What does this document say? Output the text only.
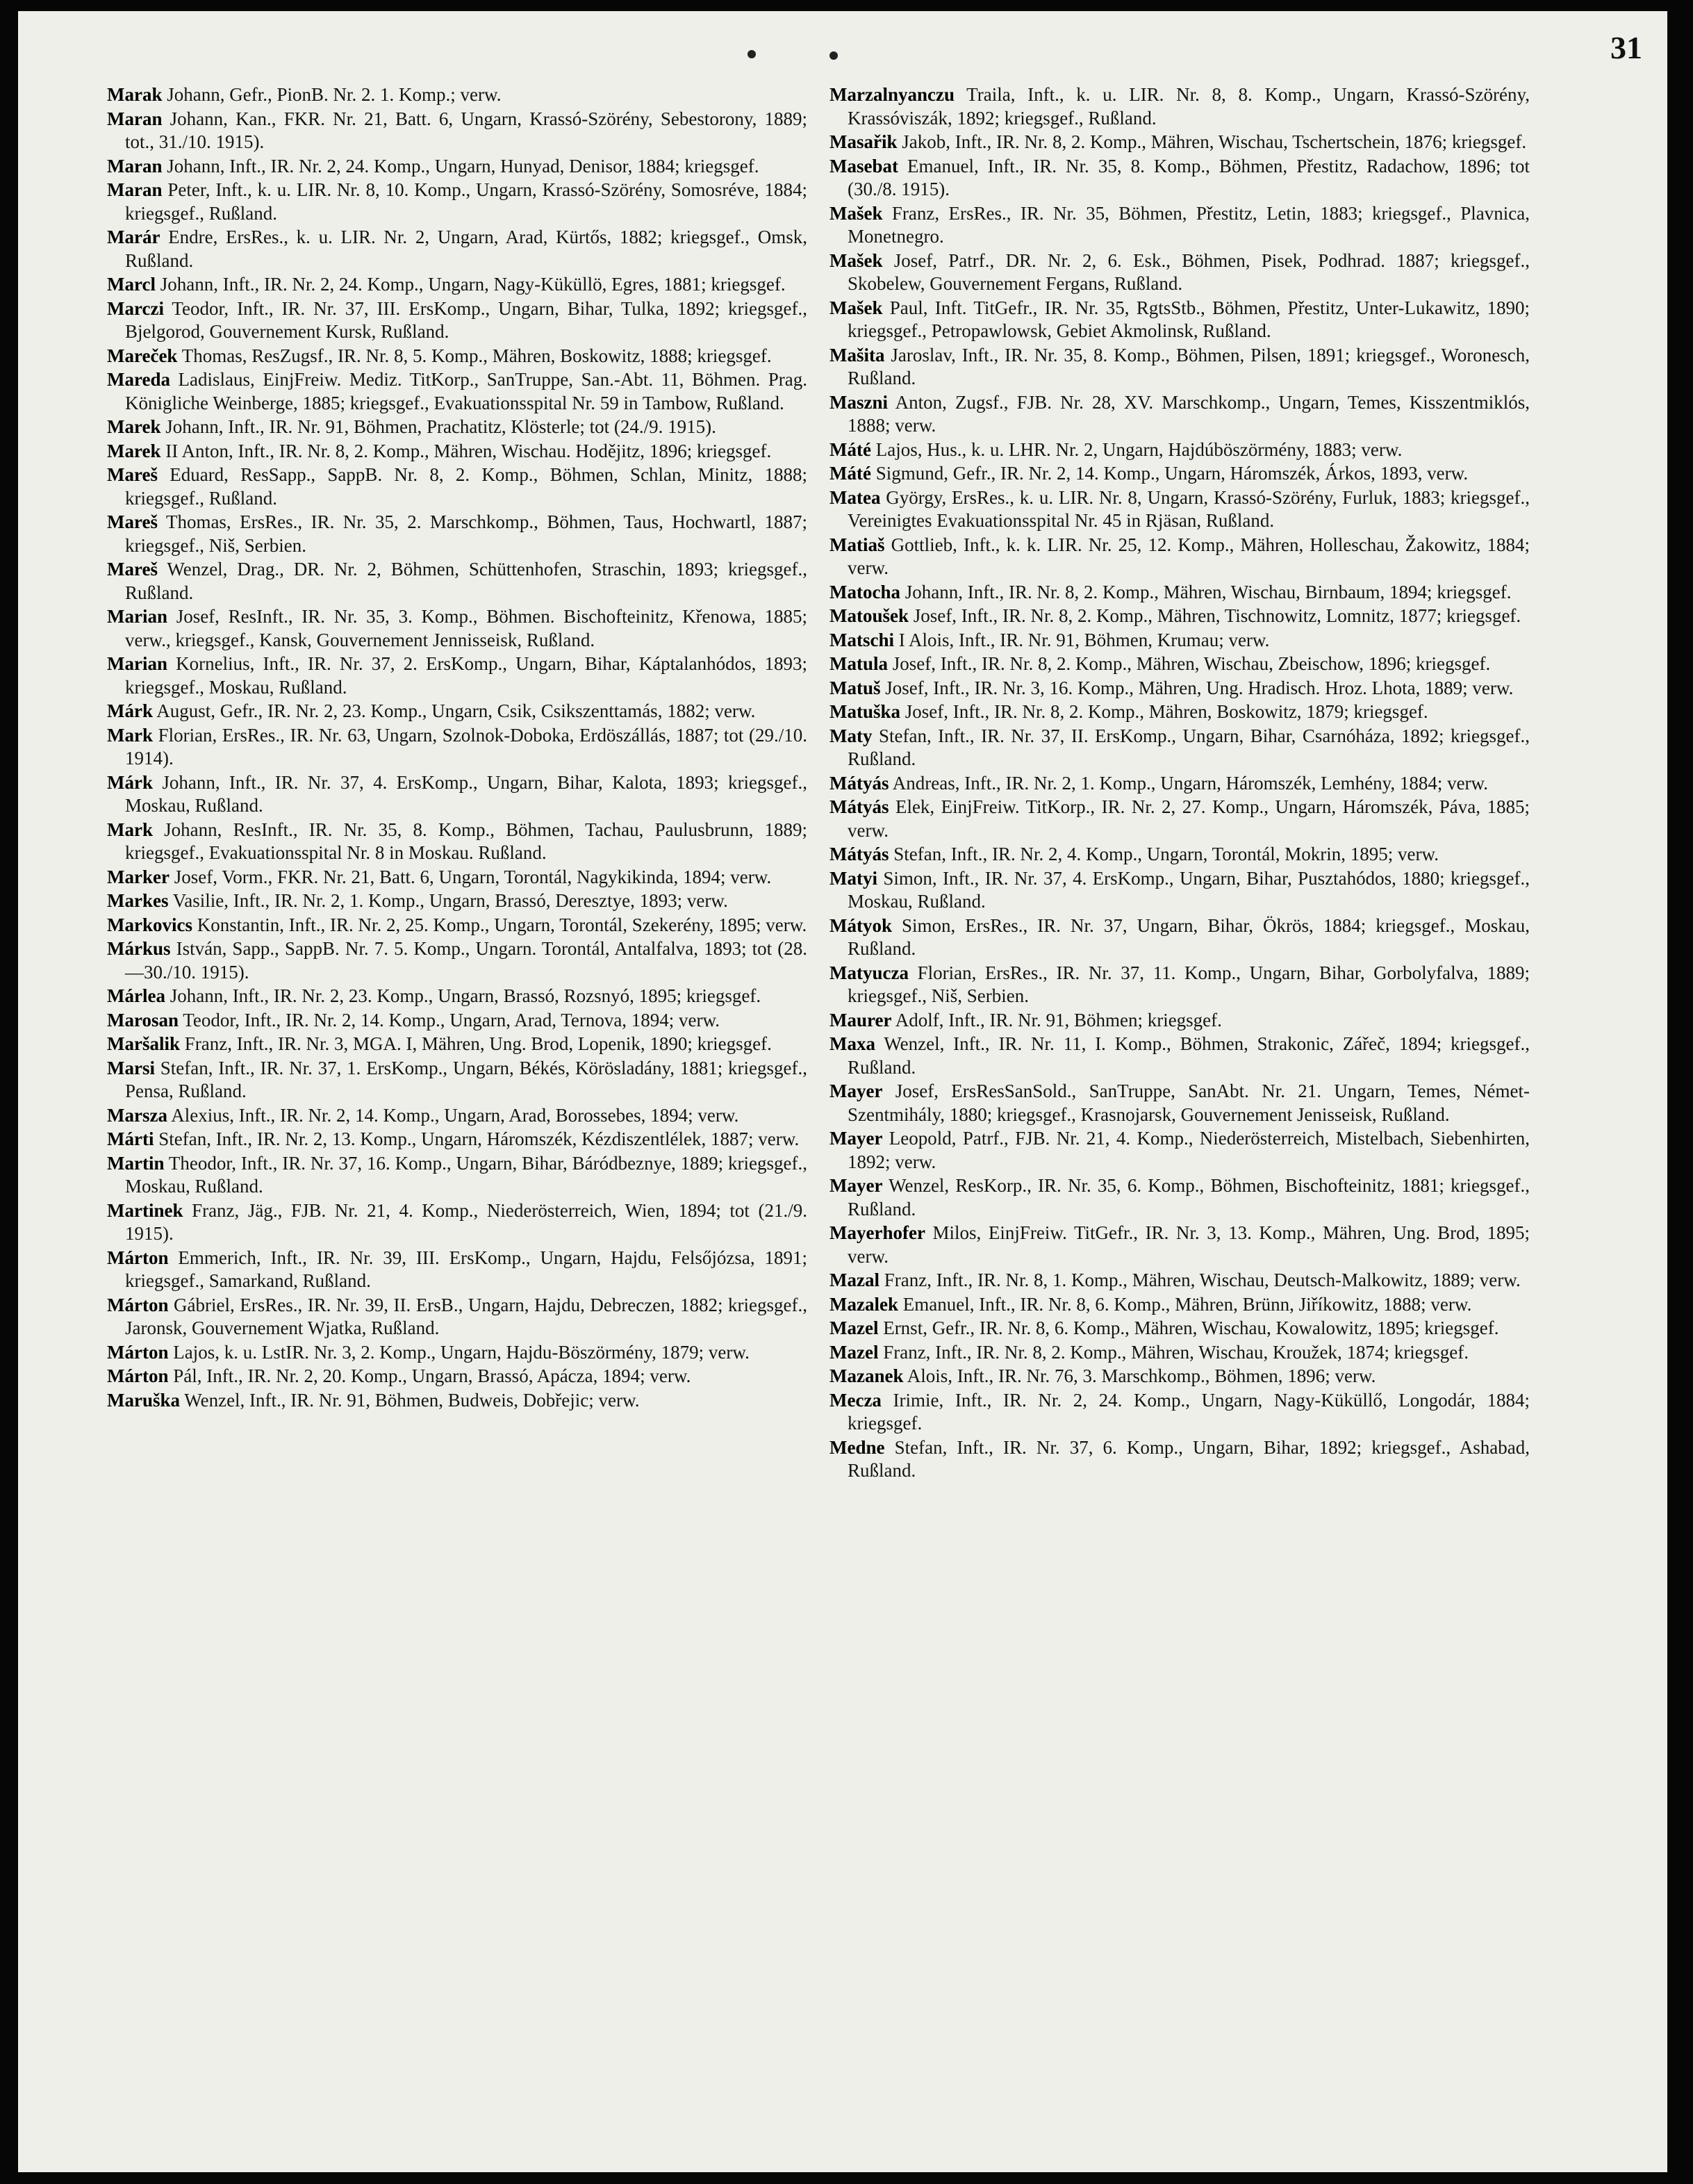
31

Marak Johann, Gefr., PionB. Nr. 2. 1. Komp.; verw.

Maran Johann, Kan., FKR. Nr. 21, Batt. 6, Ungarn, Krassó-Szörény, Sebestorony, 1889; tot., 31./10. 1915).

Maran Johann, Inft., IR. Nr. 2, 24. Komp., Ungarn, Hunyad, Denisor, 1884; kriegsgef.

Maran Peter, Inft., k. u. LIR. Nr. 8, 10. Komp., Ungarn, Krassó-Szörény, Somosréve, 1884; kriegsgef., Rußland.

Marár Endre, ErsRes., k. u. LIR. Nr. 2, Ungarn, Arad, Kürtős, 1882; kriegsgef., Omsk, Rußland.

Marcl Johann, Inft., IR. Nr. 2, 24. Komp., Ungarn, Nagy-Küküllö, Egres, 1881; kriegsgef.

Marczi Teodor, Inft., IR. Nr. 37, III. ErsKomp., Ungarn, Bihar, Tulka, 1892; kriegsgef., Bjelgorod, Gouvernement Kursk, Rußland.

Mareček Thomas, ResZugsf., IR. Nr. 8, 5. Komp., Mähren, Boskowitz, 1888; kriegsgef.

Mareda Ladislaus, EinjFreiw. Mediz. TitKorp., SanTruppe, San.-Abt. 11, Böhmen. Prag. Königliche Weinberge, 1885; kriegsgef., Evakuationsspital Nr. 59 in Tambow, Rußland.

Marek Johann, Inft., IR. Nr. 91, Böhmen, Prachatitz, Klösterle; tot (24./9. 1915).

Marek II Anton, Inft., IR. Nr. 8, 2. Komp., Mähren, Wischau. Hodějitz, 1896; kriegsgef.

Mareš Eduard, ResSapp., SappB. Nr. 8, 2. Komp., Böhmen, Schlan, Minitz, 1888; kriegsgef., Rußland.

Mareš Thomas, ErsRes., IR. Nr. 35, 2. Marschkomp., Böhmen, Taus, Hochwartl, 1887; kriegsgef., Niš, Serbien.

Mareš Wenzel, Drag., DR. Nr. 2, Böhmen, Schüttenhofen, Straschin, 1893; kriegsgef., Rußland.

Marian Josef, ResInft., IR. Nr. 35, 3. Komp., Böhmen. Bischofteinitz, Křenowa, 1885; verw., kriegsgef., Kansk, Gouvernement Jennisseisk, Rußland.

Marian Kornelius, Inft., IR. Nr. 37, 2. ErsKomp., Ungarn, Bihar, Káptalanhódos, 1893; kriegsgef., Moskau, Rußland.

Márk August, Gefr., IR. Nr. 2, 23. Komp., Ungarn, Csik, Csikszenttamás, 1882; verw.

Mark Florian, ErsRes., IR. Nr. 63, Ungarn, Szolnok-Doboka, Erdöszállás, 1887; tot (29./10. 1914).

Márk Johann, Inft., IR. Nr. 37, 4. ErsKomp., Ungarn, Bihar, Kalota, 1893; kriegsgef., Moskau, Rußland.

Mark Johann, ResInft., IR. Nr. 35, 8. Komp., Böhmen, Tachau, Paulusbrunn, 1889; kriegsgef., Evakuationsspital Nr. 8 in Moskau. Rußland.

Marker Josef, Vorm., FKR. Nr. 21, Batt. 6, Ungarn, Torontál, Nagykikinda, 1894; verw.

Markes Vasilie, Inft., IR. Nr. 2, 1. Komp., Ungarn, Brassó, Deresztye, 1893; verw.

Markovics Konstantin, Inft., IR. Nr. 2, 25. Komp., Ungarn, Torontál, Szekerény, 1895; verw.

Márkus István, Sapp., SappB. Nr. 7. 5. Komp., Ungarn. Torontál, Antalfalva, 1893; tot (28.—30./10. 1915).

Márlea Johann, Inft., IR. Nr. 2, 23. Komp., Ungarn, Brassó, Rozsnyó, 1895; kriegsgef.

Marosan Teodor, Inft., IR. Nr. 2, 14. Komp., Ungarn, Arad, Ternova, 1894; verw.

Maršalik Franz, Inft., IR. Nr. 3, MGA. I, Mähren, Ung. Brod, Lopenik, 1890; kriegsgef.

Marsi Stefan, Inft., IR. Nr. 37, 1. ErsKomp., Ungarn, Békés, Körösladány, 1881; kriegsgef., Pensa, Rußland.

Marsza Alexius, Inft., IR. Nr. 2, 14. Komp., Ungarn, Arad, Borossebes, 1894; verw.

Márti Stefan, Inft., IR. Nr. 2, 13. Komp., Ungarn, Háromszék, Kézdiszentlélek, 1887; verw.

Martin Theodor, Inft., IR. Nr. 37, 16. Komp., Ungarn, Bihar, Báródbeznye, 1889; kriegsgef., Moskau, Rußland.

Martinek Franz, Jäg., FJB. Nr. 21, 4. Komp., Niederösterreich, Wien, 1894; tot (21./9. 1915).

Márton Emmerich, Inft., IR. Nr. 39, III. ErsKomp., Ungarn, Hajdu, Felsőjózsa, 1891; kriegsgef., Samarkand, Rußland.

Márton Gábriel, ErsRes., IR. Nr. 39, II. ErsB., Ungarn, Hajdu, Debreczen, 1882; kriegsgef., Jaronsk, Gouvernement Wjatka, Rußland.

Márton Lajos, k. u. LstIR. Nr. 3, 2. Komp., Ungarn, Hajdu-Böszörmény, 1879; verw.

Márton Pál, Inft., IR. Nr. 2, 20. Komp., Ungarn, Brassó, Apácza, 1894; verw.

Maruška Wenzel, Inft., IR. Nr. 91, Böhmen, Budweis, Dobřejic; verw.

Marzalnyanczu Traila, Inft., k. u. LIR. Nr. 8, 8. Komp., Ungarn, Krassó-Szörény, Krassóviszák, 1892; kriegsgef., Rußland.

Masařik Jakob, Inft., IR. Nr. 8, 2. Komp., Mähren, Wischau, Tschertschein, 1876; kriegsgef.

Masebat Emanuel, Inft., IR. Nr. 35, 8. Komp., Böhmen, Přestitz, Radachow, 1896; tot (30./8. 1915).

Mašek Franz, ErsRes., IR. Nr. 35, Böhmen, Přestitz, Letin, 1883; kriegsgef., Plavnica, Monetnegro.

Mašek Josef, Patrf., DR. Nr. 2, 6. Esk., Böhmen, Pisek, Podhrad. 1887; kriegsgef., Skobelew, Gouvernement Fergans, Rußland.

Mašek Paul, Inft. TitGefr., IR. Nr. 35, RgtsStb., Böhmen, Přestitz, Unter-Lukawitz, 1890; kriegsgef., Petropawlowsk, Gebiet Akmolinsk, Rußland.

Mašita Jaroslav, Inft., IR. Nr. 35, 8. Komp., Böhmen, Pilsen, 1891; kriegsgef., Woronesch, Rußland.

Maszni Anton, Zugsf., FJB. Nr. 28, XV. Marschkomp., Ungarn, Temes, Kisszentmiklós, 1888; verw.

Máté Lajos, Hus., k. u. LHR. Nr. 2, Ungarn, Hajdúböszörmény, 1883; verw.

Máté Sigmund, Gefr., IR. Nr. 2, 14. Komp., Ungarn, Háromszék, Árkos, 1893, verw.

Matea György, ErsRes., k. u. LIR. Nr. 8, Ungarn, Krassó-Szörény, Furluk, 1883; kriegsgef., Vereinigtes Evakuationsspital Nr. 45 in Rjäsan, Rußland.

Matiaš Gottlieb, Inft., k. k. LIR. Nr. 25, 12. Komp., Mähren, Holleschau, Žakowitz, 1884; verw.

Matocha Johann, Inft., IR. Nr. 8, 2. Komp., Mähren, Wischau, Birnbaum, 1894; kriegsgef.

Matoušek Josef, Inft., IR. Nr. 8, 2. Komp., Mähren, Tischnowitz, Lomnitz, 1877; kriegsgef.

Matschi I Alois, Inft., IR. Nr. 91, Böhmen, Krumau; verw.

Matula Josef, Inft., IR. Nr. 8, 2. Komp., Mähren, Wischau, Zbeischow, 1896; kriegsgef.

Matuš Josef, Inft., IR. Nr. 3, 16. Komp., Mähren, Ung. Hradisch. Hroz. Lhota, 1889; verw.

Matuška Josef, Inft., IR. Nr. 8, 2. Komp., Mähren, Boskowitz, 1879; kriegsgef.

Maty Stefan, Inft., IR. Nr. 37, II. ErsKomp., Ungarn, Bihar, Csarnóháza, 1892; kriegsgef., Rußland.

Mátyás Andreas, Inft., IR. Nr. 2, 1. Komp., Ungarn, Háromszék, Lemhény, 1884; verw.

Mátyás Elek, EinjFreiw. TitKorp., IR. Nr. 2, 27. Komp., Ungarn, Háromszék, Páva, 1885; verw.

Mátyás Stefan, Inft., IR. Nr. 2, 4. Komp., Ungarn, Torontál, Mokrin, 1895; verw.

Matyi Simon, Inft., IR. Nr. 37, 4. ErsKomp., Ungarn, Bihar, Pusztahódos, 1880; kriegsgef., Moskau, Rußland.

Mátyok Simon, ErsRes., IR. Nr. 37, Ungarn, Bihar, Ökrös, 1884; kriegsgef., Moskau, Rußland.

Matyucza Florian, ErsRes., IR. Nr. 37, 11. Komp., Ungarn, Bihar, Gorbolyfalva, 1889; kriegsgef., Niš, Serbien.

Maurer Adolf, Inft., IR. Nr. 91, Böhmen; kriegsgef.

Maxa Wenzel, Inft., IR. Nr. 11, I. Komp., Böhmen, Strakonic, Zářeč, 1894; kriegsgef., Rußland.

Mayer Josef, ErsResSanSold., SanTruppe, SanAbt. Nr. 21. Ungarn, Temes, Német-Szentmihály, 1880; kriegsgef., Krasnojarsk, Gouvernement Jenisseisk, Rußland.

Mayer Leopold, Patrf., FJB. Nr. 21, 4. Komp., Niederösterreich, Mistelbach, Siebenhirten, 1892; verw.

Mayer Wenzel, ResKorp., IR. Nr. 35, 6. Komp., Böhmen, Bischofteinitz, 1881; kriegsgef., Rußland.

Mayerhofer Milos, EinjFreiw. TitGefr., IR. Nr. 3, 13. Komp., Mähren, Ung. Brod, 1895; verw.

Mazal Franz, Inft., IR. Nr. 8, 1. Komp., Mähren, Wischau, Deutsch-Malkowitz, 1889; verw.

Mazalek Emanuel, Inft., IR. Nr. 8, 6. Komp., Mähren, Brünn, Jiříkowitz, 1888; verw.

Mazel Ernst, Gefr., IR. Nr. 8, 6. Komp., Mähren, Wischau, Kowalowitz, 1895; kriegsgef.

Mazel Franz, Inft., IR. Nr. 8, 2. Komp., Mähren, Wischau, Kroužek, 1874; kriegsgef.

Mazanek Alois, Inft., IR. Nr. 76, 3. Marschkomp., Böhmen, 1896; verw.

Mecza Irimie, Inft., IR. Nr. 2, 24. Komp., Ungarn, Nagy-Küküllő, Longodár, 1884; kriegsgef.

Medne Stefan, Inft., IR. Nr. 37, 6. Komp., Ungarn, Bihar, 1892; kriegsgef., Ashabad, Rußland.
